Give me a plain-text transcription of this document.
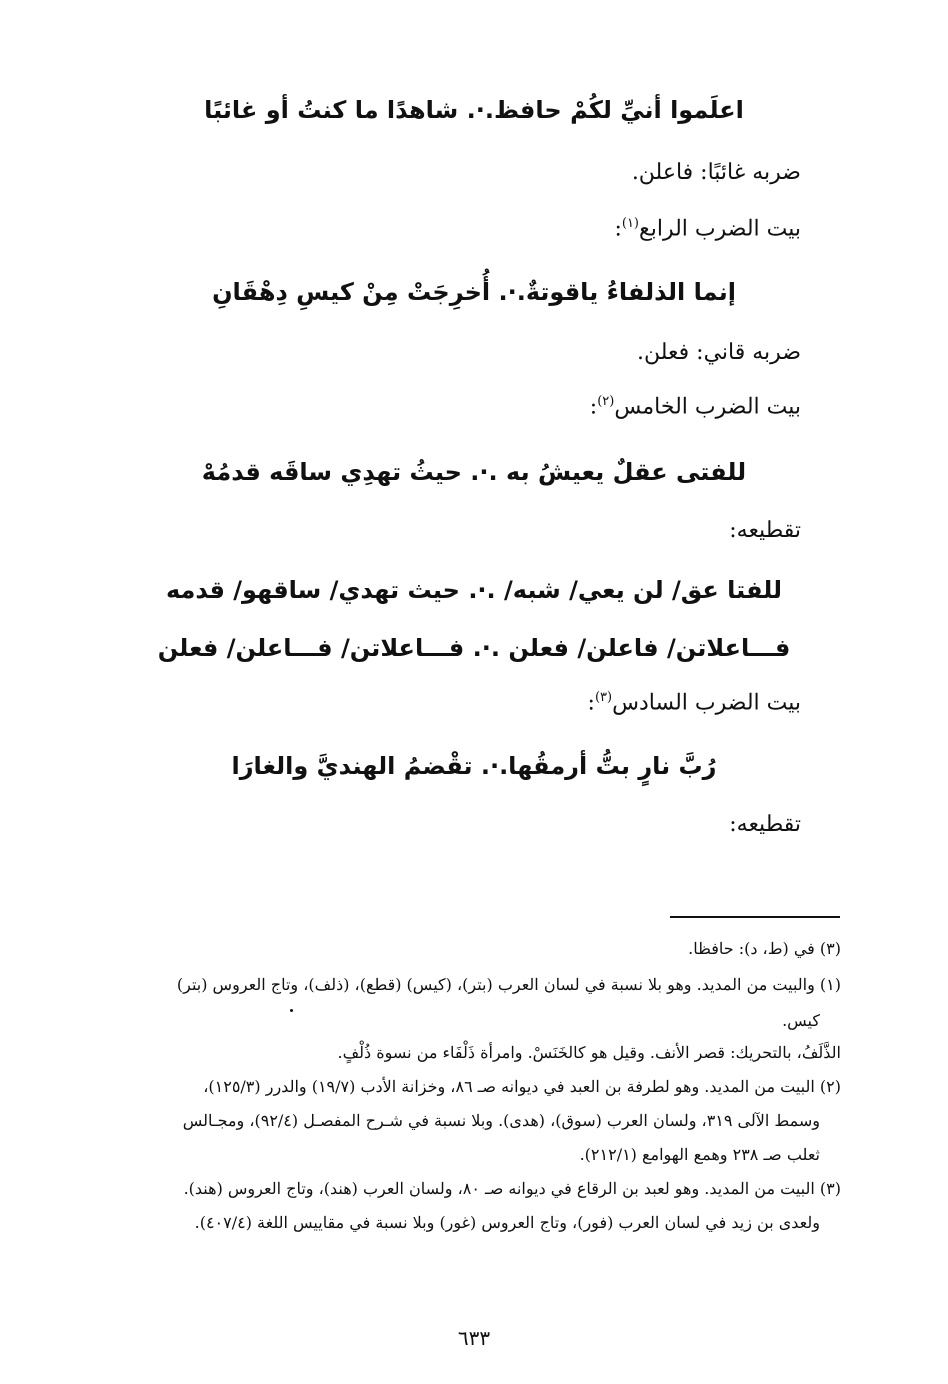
اعلَموا أنيِّ لكُمْ حافظ.·. شاهدًا ما كنتُ أو غائبًا
ضربه غائبًا: فاعلن.
بيت الضرب الرابع$^{(١)}$:
إنما الذلفاءُ ياقوتةٌ.·. أُخرِجَتْ مِنْ كيسِ دِهْقَانِ
ضربه قاني: فعلن.
بيت الضرب الخامس$^{(٢)}$:
للفتى عقلٌ يعيشُ به .·. حيثُ تهدِي ساقَه قدمُهْ
تقطيعه:
للفتا عق/ لن يعي/ شبه/ .·. حيث تهدي/ ساقهو/ قدمه
فـــاعلاتن/ فاعلن/ فعلن .·. فـــاعلاتن/ فـــاعلن/ فعلن
بيت الضرب السادس$^{(٣)}$:
رُبَّ نارٍ بتُّ أرمقُها.·. تقْضمُ الهنديَّ والغارَا
تقطيعه:
(٣) في (ط، د): حافظا.
(١) والبيت من المديد. وهو بلا نسبة في لسان العرب (بتر)، (كيس) (قطع)، (ذلف)، وتاج العروس (بتر)
كيس.
الذَّلَفُ، بالتحريك: قصر الأنف. وقيل هو كالخَنَسْ. وامرأة ذَلْفَاء من نسوة ذُلْفٍ.
(٢) البيت من المديد. وهو لطرفة بن العبد في ديوانه صـ ٨٦، وخزانة الأدب (١٩/٧) والدرر (١٢٥/٣)،
وسمط الآلى ٣١٩، ولسان العرب (سوق)، (هدى). وبلا نسبة في شـرح المفصـل (٩٢/٤)، ومجـالس
ثعلب صـ ٢٣٨ وهمع الهوامع (٢١٢/١).
(٣) البيت من المديد. وهو لعبد بن الرقاع في ديوانه صـ ٨٠، ولسان العرب (هند)، وتاج العروس (هند).
ولعدى بن زيد في لسان العرب (فور)، وتاج العروس (غور) وبلا نسبة في مقاييس اللغة (٤٠٧/٤).
٦٣٣
